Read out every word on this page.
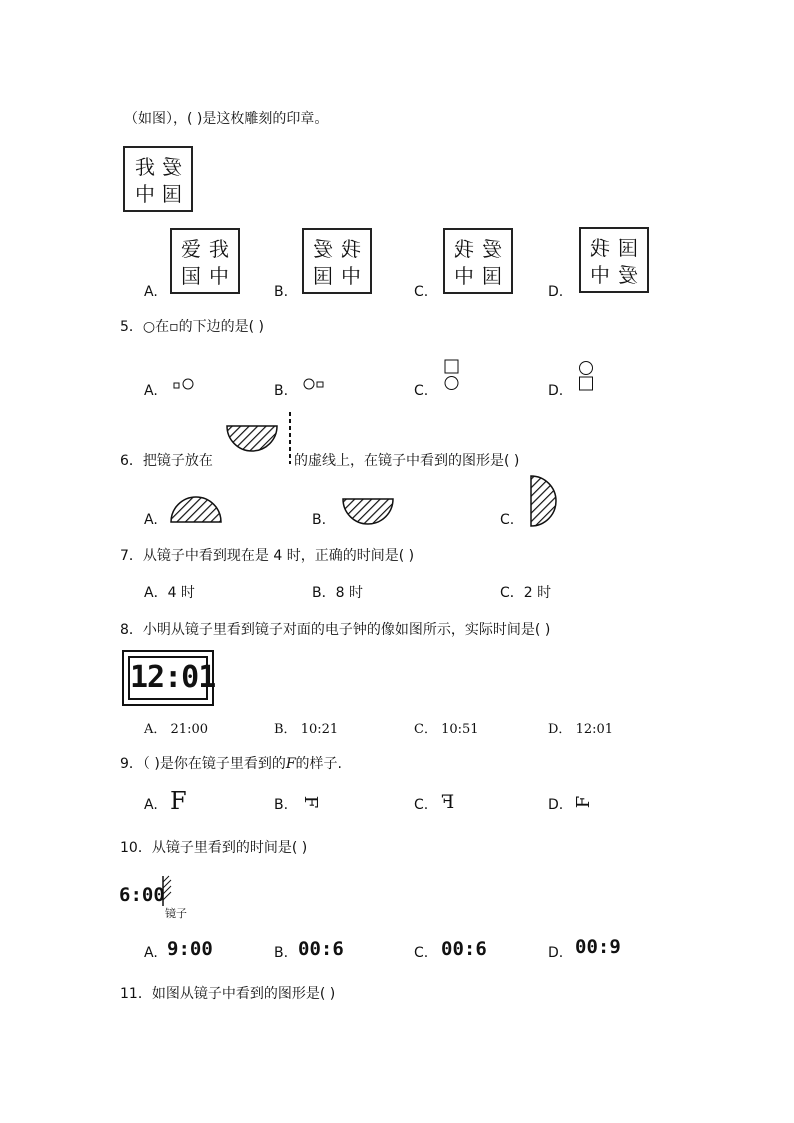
（如图），( )是这枚雕刻的印章。
我 爱
中 国
A.
爱 我
国 中
B.
我
爱
中
国
C.
我 爱
中 国
D.
国
我
爱
中
5．○在▫的下边的是( )
A.	B.	C.	D.
6．把镜子放在	的虚线上，在镜子中看到的图形是( )
A.	B.	C.
7．从镜子中看到现在是 4 时，正确的时间是( )
A．4 时	B．8 时	C．2 时
8．小明从镜子里看到镜子对面的电子钟的像如图所示，实际时间是( )
12:01
A． 21:00	B． 10:21	C． 10:51	D． 12:01
9．（ )是你在镜子里看到的F的样子.
A. F	B. F	C. F	D. F
10．从镜子里看到的时间是( )
6:00
镜子
A. 9:00	B. 00:6	C. 00:6	D. 00:9
11．如图从镜子中看到的图形是( )
